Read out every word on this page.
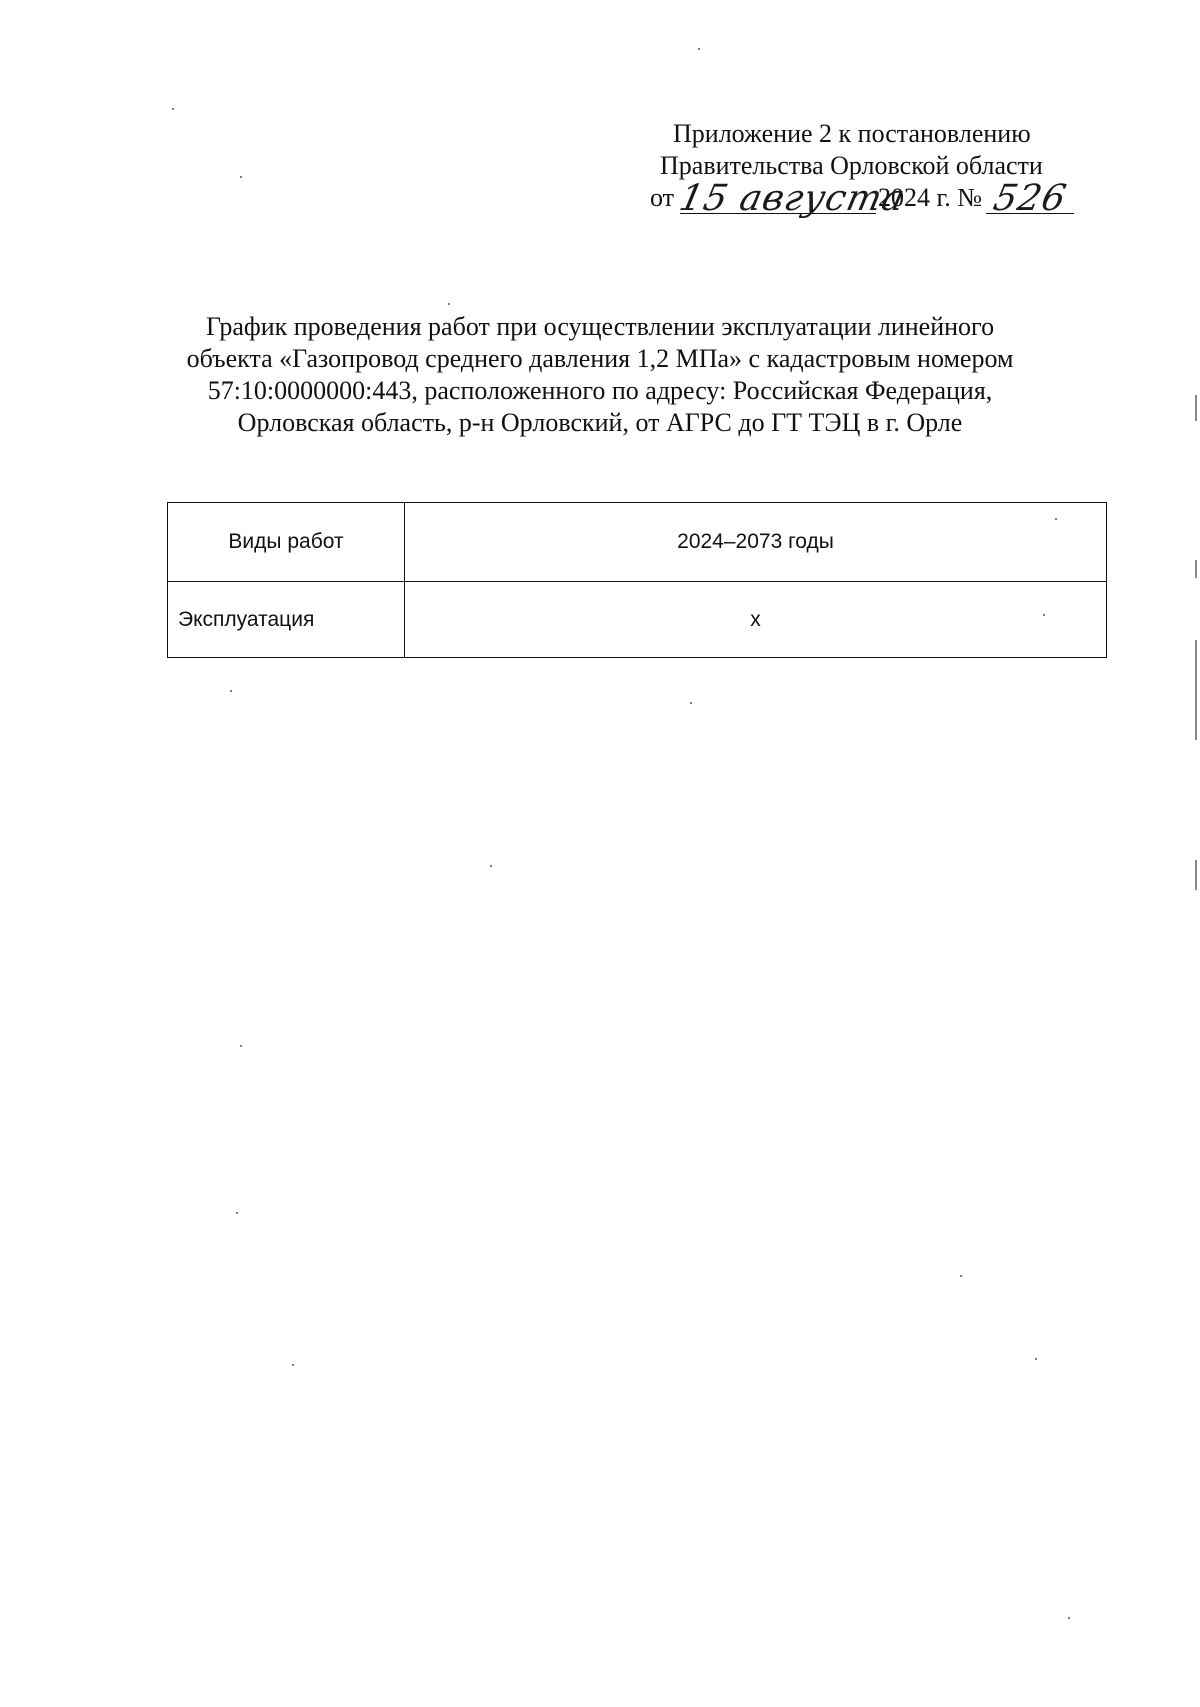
Приложение 2 к постановлению
Правительства Орловской области
от 15 августа
2024 г. № 526
График проведения работ при осуществлении эксплуатации линейного
объекта «Газопровод среднего давления 1,2 МПа» с кадастровым номером
57:10:0000000:443, расположенного по адресу: Российская Федерация,
Орловская область, р-н Орловский, от АГРС до ГТ ТЭЦ в г. Орле
Виды работ	2024–2073 годы
Эксплуатация	х
